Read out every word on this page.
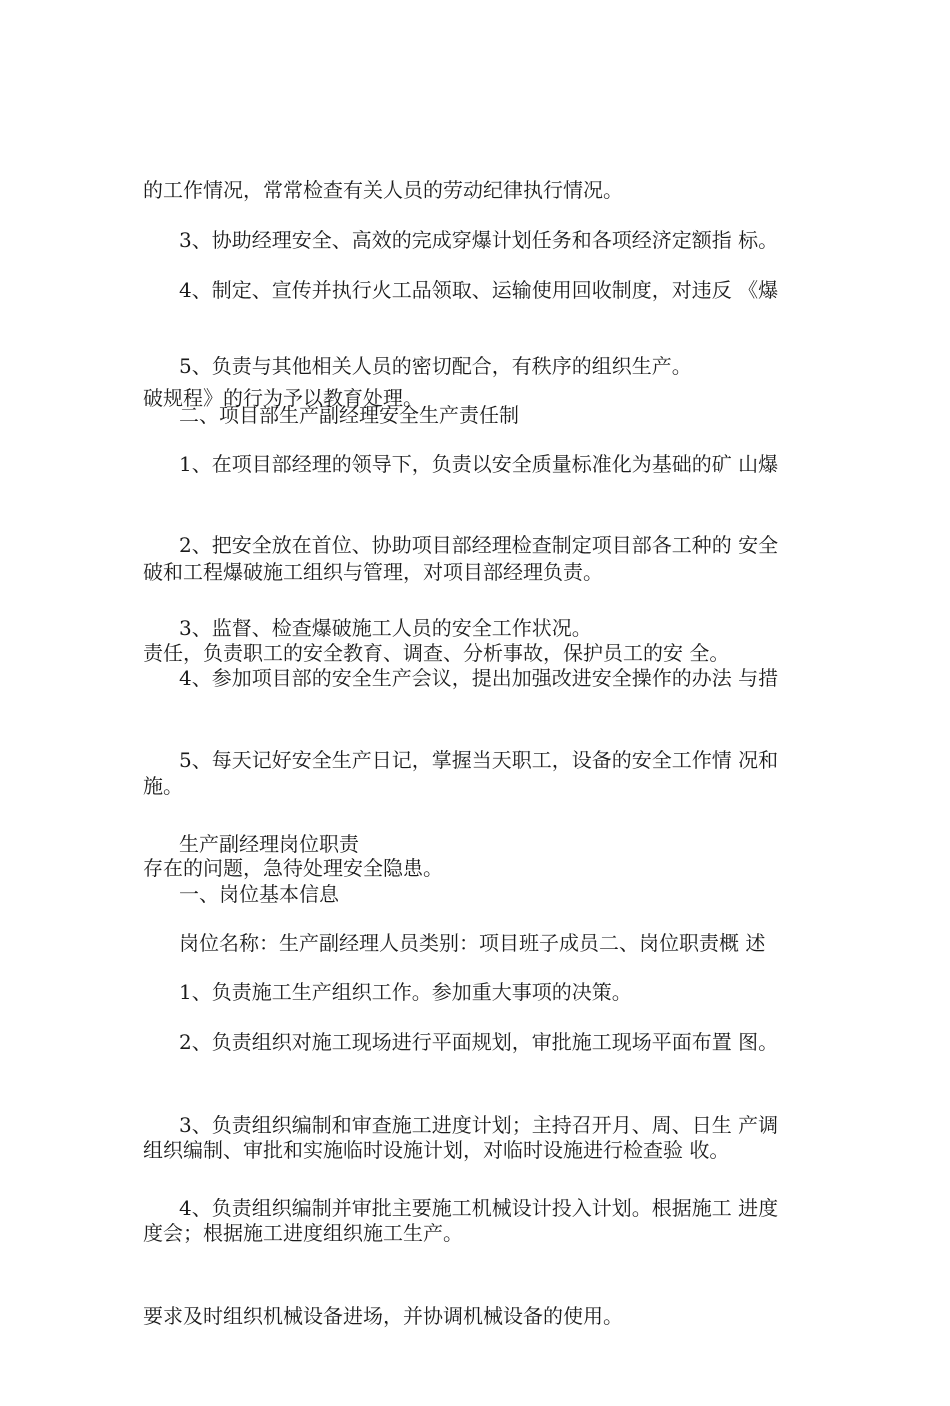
的工作情况，常常检查有关人员的劳动纪律执行情况。

3、协助经理安全、高效的完成穿爆计划任务和各项经济定额指 标。

4、制定、宣传并执行火工品领取、运输使用回收制度，对违反 《爆

破规程》的行为予以教育处理。

5、负责与其他相关人员的密切配合，有秩序的组织生产。

二、项目部生产副经理安全生产责任制

1、在项目部经理的领导下，负责以安全质量标准化为基础的矿 山爆

破和工程爆破施工组织与管理，对项目部经理负责。

2、把安全放在首位、协助项目部经理检查制定项目部各工种的 安全

责任，负责职工的安全教育、调查、分析事故，保护员工的安 全。

3、监督、检查爆破施工人员的安全工作状况。

4、参加项目部的安全生产会议，提出加强改进安全操作的办法 与措

施。

5、每天记好安全生产日记，掌握当天职工，设备的安全工作情 况和

存在的问题，急待处理安全隐患。

生产副经理岗位职责

一、岗位基本信息

岗位名称：生产副经理人员类别：项目班子成员二、岗位职责概 述

1、负责施工生产组织工作。参加重大事项的决策。

2、负责组织对施工现场进行平面规划，审批施工现场平面布置 图。

组织编制、审批和实施临时设施计划，对临时设施进行检查验 收。

3、负责组织编制和审查施工进度计划；主持召开月、周、日生 产调

度会；根据施工进度组织施工生产。

4、负责组织编制并审批主要施工机械设计投入计划。根据施工 进度

要求及时组织机械设备进场，并协调机械设备的使用。
